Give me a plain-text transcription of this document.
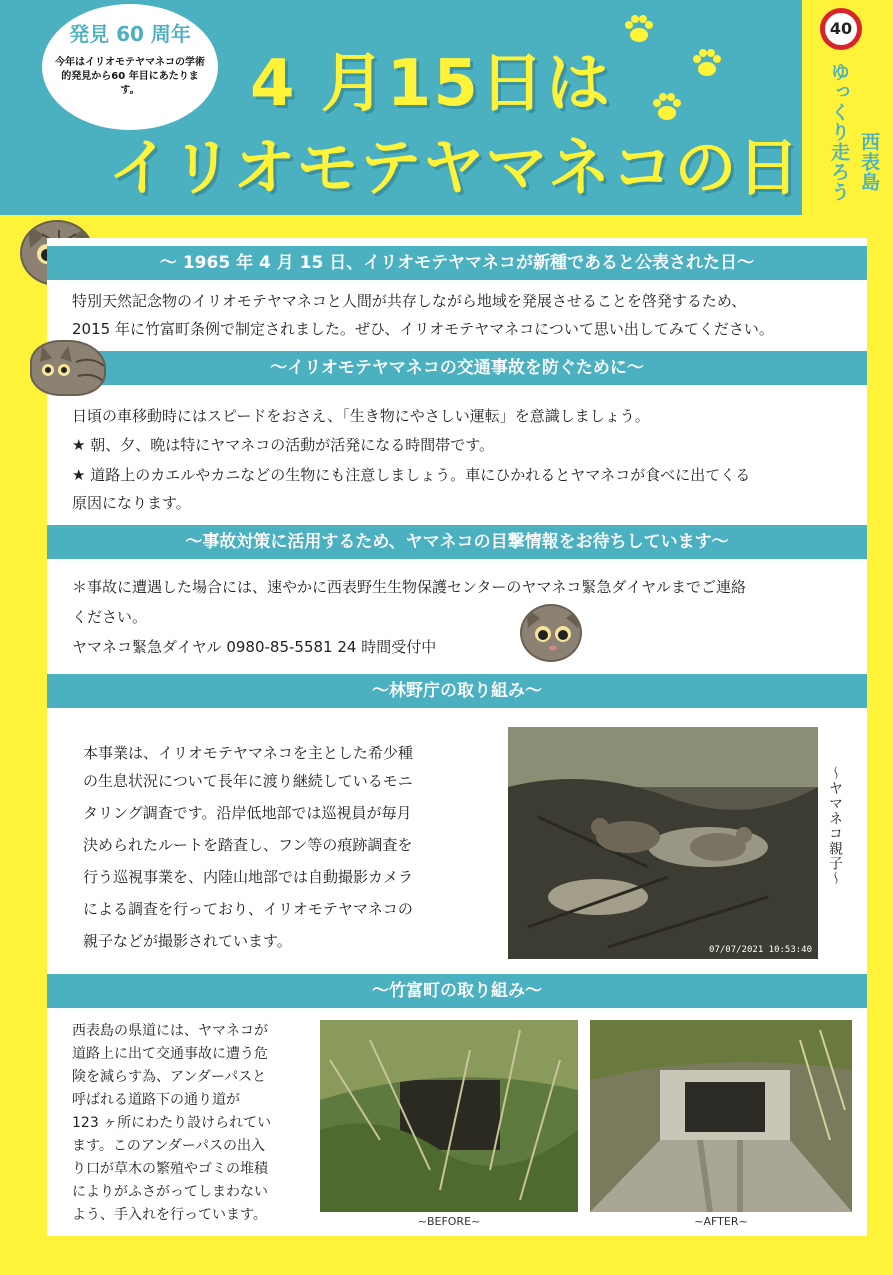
発見 60 周年
今年はイリオモテヤマネコの学術的発見から60 年目にあたります。	4 月15日は
イリオモテヤマネコの日
40
ゆっくり走ろう 西表島
～ 1965 年 4 月 15 日、イリオモテヤマネコが新種であると公表された日～
特別天然記念物のイリオモテヤマネコと人間が共存しながら地域を発展させることを啓発するため、
2015 年に竹富町条例で制定されました。ぜひ、イリオモテヤマネコについて思い出してみてください。
～イリオモテヤマネコの交通事故を防ぐために～
日頃の車移動時にはスピードをおさえ、「生き物にやさしい運転」を意識しましょう。
★ 朝、夕、晩は特にヤマネコの活動が活発になる時間帯です。
★ 道路上のカエルやカニなどの生物にも注意しましょう。車にひかれるとヤマネコが食べに出てくる
原因になります。
～事故対策に活用するため、ヤマネコの目撃情報をお待ちしています～
＊事故に遭遇した場合には、速やかに西表野生生物保護センターのヤマネコ緊急ダイヤルまでご連絡
ください。
ヤマネコ緊急ダイヤル 0980-85-5581 24 時間受付中
～林野庁の取り組み～
本事業は、イリオモテヤマネコを主とした希少種
の生息状況について長年に渡り継続しているモニ
タリング調査です。沿岸低地部では巡視員が毎月
決められたルートを踏査し、フン等の痕跡調査を
行う巡視事業を、内陸山地部では自動撮影カメラ
による調査を行っており、イリオモテヤマネコの
親子などが撮影されています。	07/07/2021 10:53:40
～ヤマネコ親子～
～竹富町の取り組み～
西表島の県道には、ヤマネコが
道路上に出て交通事故に遭う危
険を減らす為、アンダーパスと
呼ばれる道路下の通り道が
123 ヶ所にわたり設けられてい
ます。このアンダーパスの出入
り口が草木の繁殖やゴミの堆積
によりがふさがってしまわない
よう、手入れを行っています。	~BEFORE~	~AFTER~
